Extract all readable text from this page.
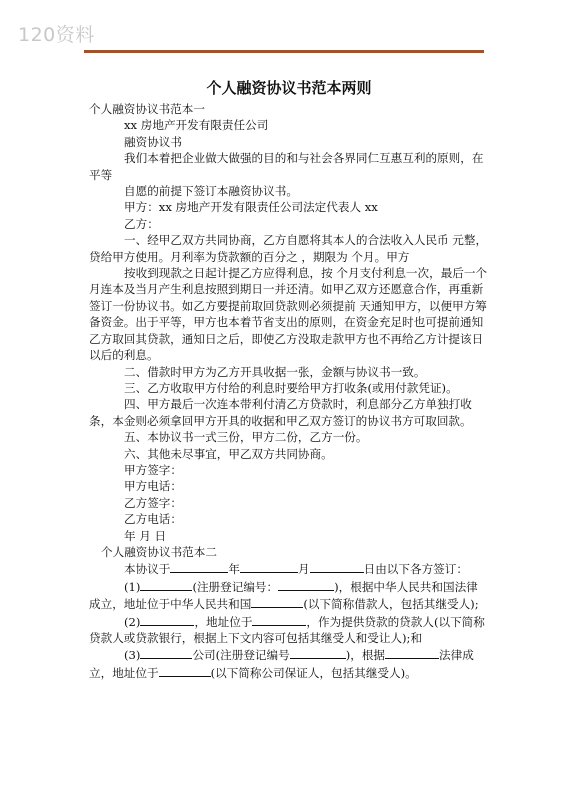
120资料
个人融资协议书范本两则

个人融资协议书范本一

xx 房地产开发有限责任公司

融资协议书

我们本着把企业做大做强的目的和与社会各界同仁互惠互利的原则，在平等

自愿的前提下签订本融资协议书。

甲方：xx 房地产开发有限责任公司法定代表人 xx

乙方：

一、经甲乙双方共同协商，乙方自愿将其本人的合法收入人民币 元整，贷给甲方使用。月利率为贷款额的百分之 ，期限为 个月。甲方

按收到现款之日起计提乙方应得利息，按 个月支付利息一次，最后一个月连本及当月产生利息按照到期日一并还清。如甲乙双方还愿意合作，再重新签订一份协议书。如乙方要提前取回贷款则必须提前 天通知甲方，以便甲方筹备资金。出于平等，甲方也本着节省支出的原则，在资金充足时也可提前通知乙方取回其贷款，通知日之后，即使乙方没取走款甲方也不再给乙方计提该日以后的利息。

二、借款时甲方为乙方开具收据一张，金额与协议书一致。

三、乙方收取甲方付给的利息时要给甲方打收条(或用付款凭证)。

四、甲方最后一次连本带利付清乙方贷款时，利息部分乙方单独打收条，本金则必须拿回甲方开具的收据和甲乙双方签订的协议书方可取回款。

五、本协议书一式三份，甲方二份，乙方一份。

六、其他未尽事宜，甲乙双方共同协商。

甲方签字：

甲方电话：

乙方签字：

乙方电话：

年 月 日

个人融资协议书范本二

本协议于	年	月	日由以下各方签订：

(1)	(注册登记编号：	)，根据中华人民共和国法律成立，地址位于中华人民共和国	(以下简称借款人，包括其继受人);

(2)	，地址位于	，作为提供贷款的贷款人(以下简称贷款人或贷款银行，根据上下文内容可包括其继受人和受让人);和

(3)	公司(注册登记编号	)，根据	法律成立，地址位于	(以下简称公司保证人，包括其继受人)。
